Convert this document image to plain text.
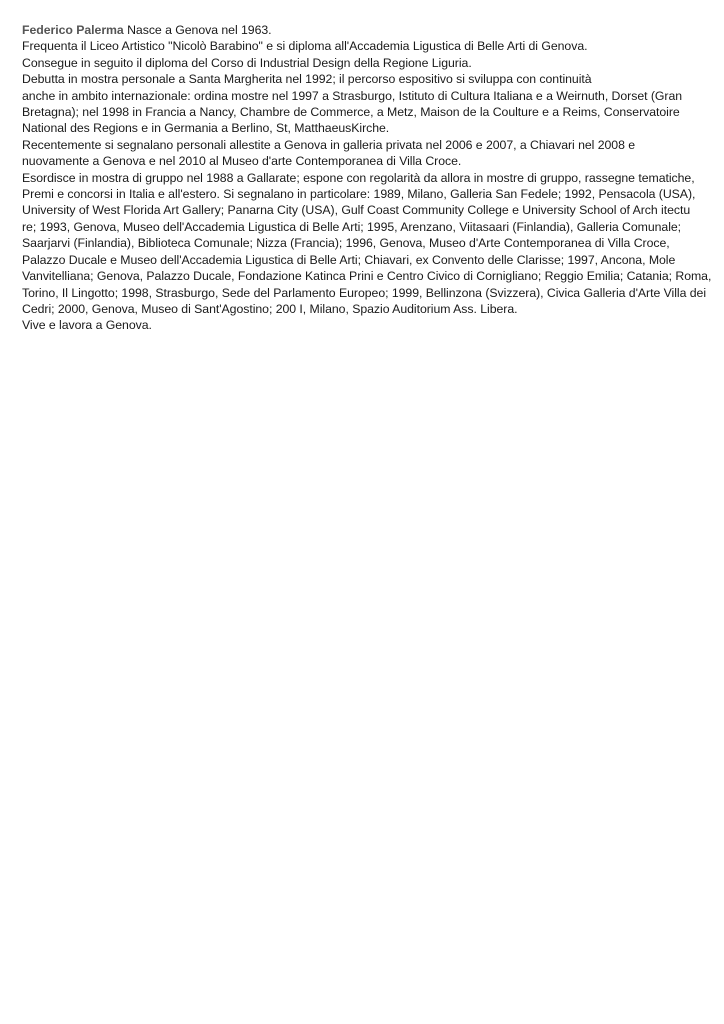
Federico Palerma Nasce a Genova nel 1963.
Frequenta il Liceo Artistico "Nicolò Barabino" e si diploma all'Accademia Ligustica di Belle Arti di Genova.
Consegue in seguito il diploma del Corso di Industrial Design della Regione Liguria.
Debutta in mostra personale a Santa Margherita nel 1992; il percorso espositivo si sviluppa con continuità
anche in ambito internazionale: ordina mostre nel 1997 a Strasburgo, Istituto di Cultura Italiana e a Weirnuth, Dorset (Gran
Bretagna); nel 1998 in Francia a Nancy, Chambre de Commerce, a Metz, Maison de la Coulture e a Reims, Conservatoire
National des Regions e in Germania a Berlino, St, MatthaeusKirche.
Recentemente si segnalano personali allestite a Genova in galleria privata nel 2006 e 2007, a Chiavari nel 2008 e
nuovamente a Genova e nel 2010 al Museo d'arte Contemporanea di Villa Croce.
Esordisce in mostra di gruppo nel 1988 a Gallarate; espone con regolarità da allora in mostre di gruppo, rassegne tematiche,
Premi e concorsi in Italia e all'estero. Si segnalano in particolare: 1989, Milano, Galleria San Fedele; 1992, Pensacola (USA),
University of West Florida Art Gallery; Panarna City (USA), Gulf Coast Community College e University School of Arch itectu
re; 1993, Genova, Museo dell'Accademia Ligustica di Belle Arti; 1995, Arenzano, Viitasaari (Finlandia), Galleria Comunale;
Saarjarvi (Finlandia), Biblioteca Comunale; Nizza (Francia); 1996, Genova, Museo d'Arte Contemporanea di Villa Croce,
Palazzo Ducale e Museo dell'Accademia Ligustica di Belle Arti; Chiavari, ex Convento delle Clarisse; 1997, Ancona, Mole
Vanvitelliana; Genova, Palazzo Ducale, Fondazione Katinca Prini e Centro Civico di Cornigliano; Reggio Emilia; Catania; Roma,
Torino, Il Lingotto; 1998, Strasburgo, Sede del Parlamento Europeo; 1999, Bellinzona (Svizzera), Civica Galleria d'Arte Villa dei
Cedri; 2000, Genova, Museo di Sant'Agostino; 200 I, Milano, Spazio Auditorium Ass. Libera.
Vive e lavora a Genova.
